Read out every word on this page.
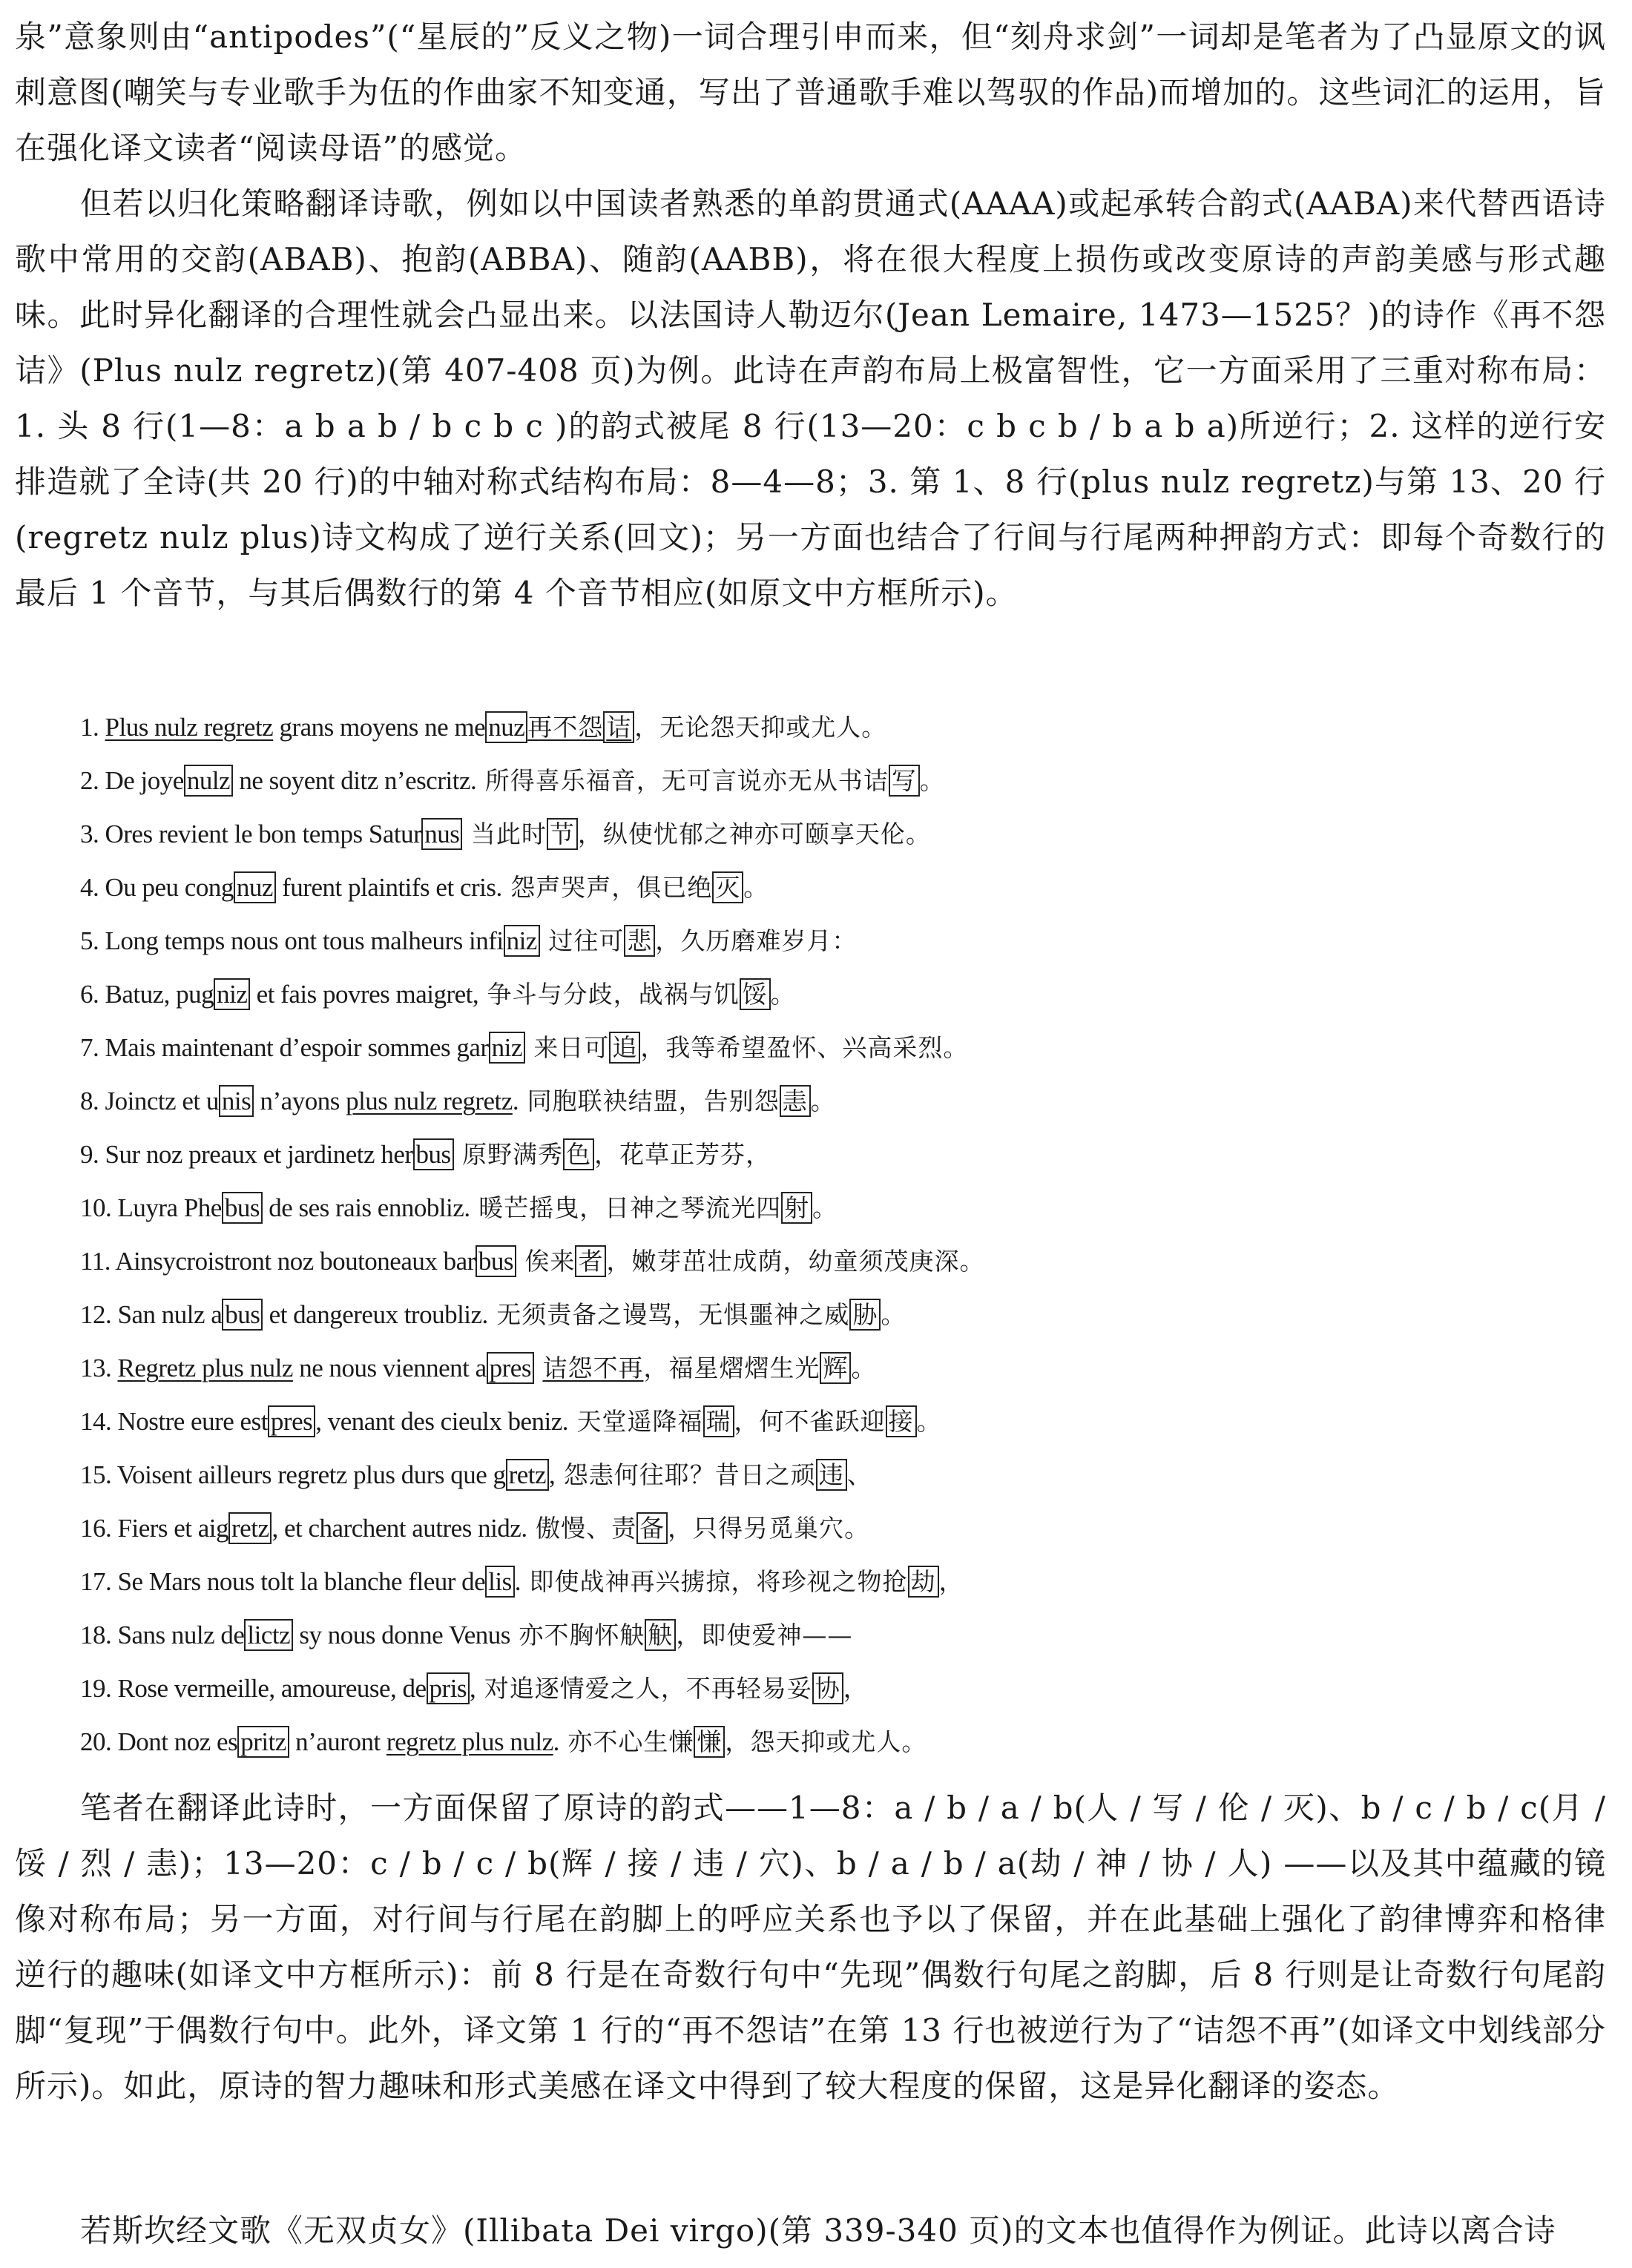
泉”意象则由“antipodes”(“星辰的”反义之物)一词合理引申而来，但“刻舟求剑”一词却是笔者为了凸显原文的讽刺意图(嘲笑与专业歌手为伍的作曲家不知变通，写出了普通歌手难以驾驭的作品)而增加的。这些词汇的运用，旨在强化译文读者“阅读母语”的感觉。

但若以归化策略翻译诗歌，例如以中国读者熟悉的单韵贯通式(AAAA)或起承转合韵式(AABA)来代替西语诗歌中常用的交韵(ABAB)、抱韵(ABBA)、随韵(AABB)，将在很大程度上损伤或改变原诗的声韵美感与形式趣味。此时异化翻译的合理性就会凸显出来。以法国诗人勒迈尔(Jean Lemaire, 1473—1525？)的诗作《再不怨诘》(Plus nulz regretz)(第 407-408 页)为例。此诗在声韵布局上极富智性，它一方面采用了三重对称布局：1. 头 8 行(1—8：a b a b / b c b c )的韵式被尾 8 行(13—20：c b c b / b a b a)所逆行；2. 这样的逆行安排造就了全诗(共 20 行)的中轴对称式结构布局：8—4—8；3. 第 1、8 行(plus nulz regretz)与第 13、20 行(regretz nulz plus)诗文构成了逆行关系(回文)；另一方面也结合了行间与行尾两种押韵方式：即每个奇数行的最后 1 个音节，与其后偶数行的第 4 个音节相应(如原文中方框所示)。

1. Plus nulz regretz grans moyens ne me nuz 再不怨 诘 ，无论怨天抑或尤人。
2. De joye nulz ne soyent ditz n’escritz. 所得喜乐福音，无可言说亦无从书诘 写 。
3. Ores revient le bon temps Satur nus 当此时 节 ，纵使忧郁之神亦可颐享天伦。
4. Ou peu cong nuz furent plaintifs et cris. 怨声哭声，俱已绝 灭 。
5. Long temps nous ont tous malheurs infi niz 过往可 悲 ，久历磨难岁月：
6. Batuz, pug niz et fais povres maigret, 争斗与分歧，战祸与饥 馁 。
7. Mais maintenant d’espoir sommes gar niz 来日可 追 ，我等希望盈怀、兴高采烈。
8. Joinctz et u nis n’ayons plus nulz regretz. 同胞联袂结盟，告别怨 恚 。
9. Sur noz preaux et jardinetz her bus 原野满秀 色 ，花草正芳芬，
10. Luyra Phe bus de ses rais ennobliz. 暖芒摇曳，日神之琴流光四 射 。
11. Ainsycroistront noz boutoneaux bar bus 俟来 者 ，嫩芽茁壮成荫，幼童须茂庚深。
12. San nulz a bus et dangereux troubliz. 无须责备之谩骂，无惧噩神之威 胁 。
13. Regretz plus nulz ne nous viennent a pres 诘怨不再，福星熠熠生光 辉 。
14. Nostre eure est pres , venant des cieulx beniz. 天堂遥降福 瑞 ，何不雀跃迎 接 。
15. Voisent ailleurs regretz plus durs que g retz , 怨恚何往耶？昔日之顽 违 、
16. Fiers et aig retz , et charchent autres nidz. 傲慢、责 备 ，只得另觅巢穴。
17. Se Mars nous tolt la blanche fleur de lis . 即使战神再兴掳掠，将珍视之物抢 劫 ，
18. Sans nulz de lictz sy nous donne Venus 亦不胸怀觖 觖 ，即使爱神——
19. Rose vermeille, amoureuse, de pris , 对追逐情爱之人，不再轻易妥 协 ，
20. Dont noz es pritz n’auront regretz plus nulz. 亦不心生慊 慊 ，怨天抑或尤人。

笔者在翻译此诗时，一方面保留了原诗的韵式——1—8：a / b / a / b(人 / 写 / 伦 / 灭)、b / c / b / c(月 / 馁 / 烈 / 恚)；13—20：c / b / c / b(辉 / 接 / 违 / 穴)、b / a / b / a(劫 / 神 / 协 / 人) ——以及其中蕴藏的镜像对称布局；另一方面，对行间与行尾在韵脚上的呼应关系也予以了保留，并在此基础上强化了韵律博弈和格律逆行的趣味(如译文中方框所示)：前 8 行是在奇数行句中“先现”偶数行句尾之韵脚，后 8 行则是让奇数行句尾韵脚“复现”于偶数行句中。此外，译文第 1 行的“再不怨诘”在第 13 行也被逆行为了“诘怨不再”(如译文中划线部分所示)。如此，原诗的智力趣味和形式美感在译文中得到了较大程度的保留，这是异化翻译的姿态。

若斯坎经文歌《无双贞女》(Illibata Dei virgo)(第 339-340 页)的文本也值得作为例证。此诗以离合诗
